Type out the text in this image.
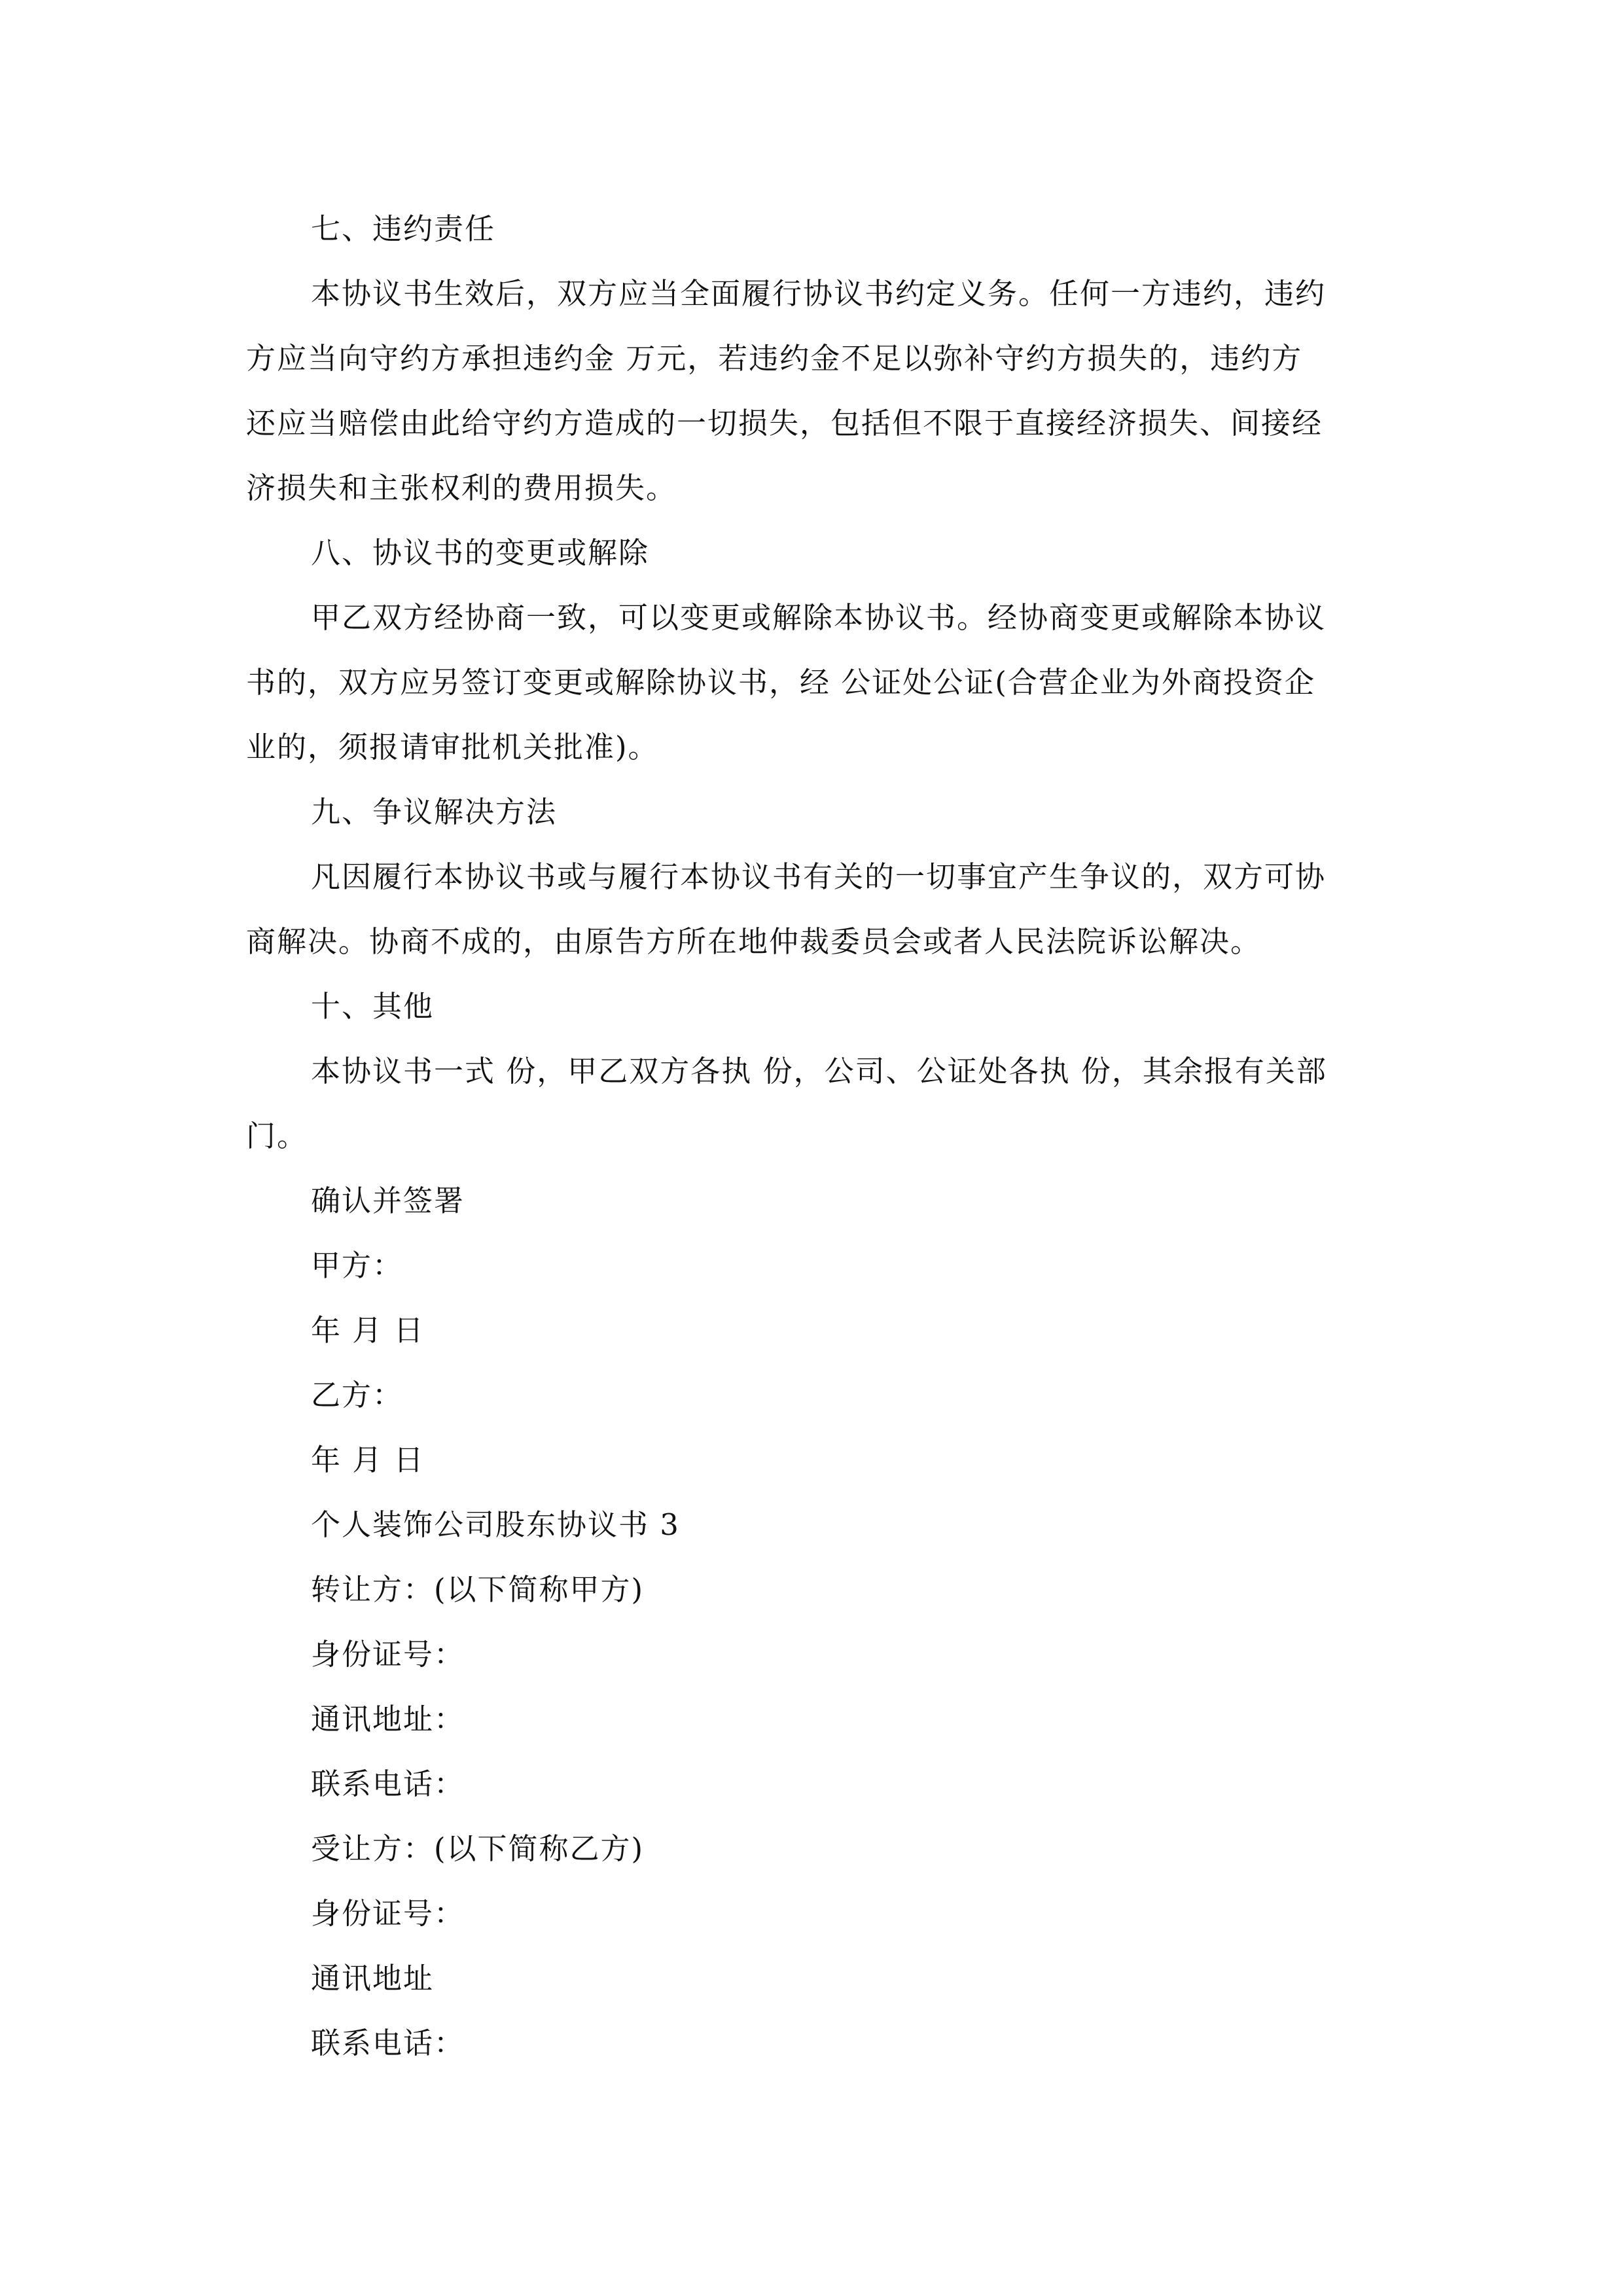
七、违约责任
本协议书生效后，双方应当全面履行协议书约定义务。任何一方违约，违约
方应当向守约方承担违约金 万元，若违约金不足以弥补守约方损失的，违约方
还应当赔偿由此给守约方造成的一切损失，包括但不限于直接经济损失、间接经
济损失和主张权利的费用损失。
八、协议书的变更或解除
甲乙双方经协商一致，可以变更或解除本协议书。经协商变更或解除本协议
书的，双方应另签订变更或解除协议书，经 公证处公证(合营企业为外商投资企
业的，须报请审批机关批准)。
九、争议解决方法
凡因履行本协议书或与履行本协议书有关的一切事宜产生争议的，双方可协
商解决。协商不成的，由原告方所在地仲裁委员会或者人民法院诉讼解决。
十、其他
本协议书一式 份，甲乙双方各执 份，公司、公证处各执 份，其余报有关部
门。
确认并签署
甲方：
年 月 日
乙方：
年 月 日
个人装饰公司股东协议书 3
转让方：(以下简称甲方)
身份证号：
通讯地址：
联系电话：
受让方：(以下简称乙方)
身份证号：
通讯地址
联系电话：
